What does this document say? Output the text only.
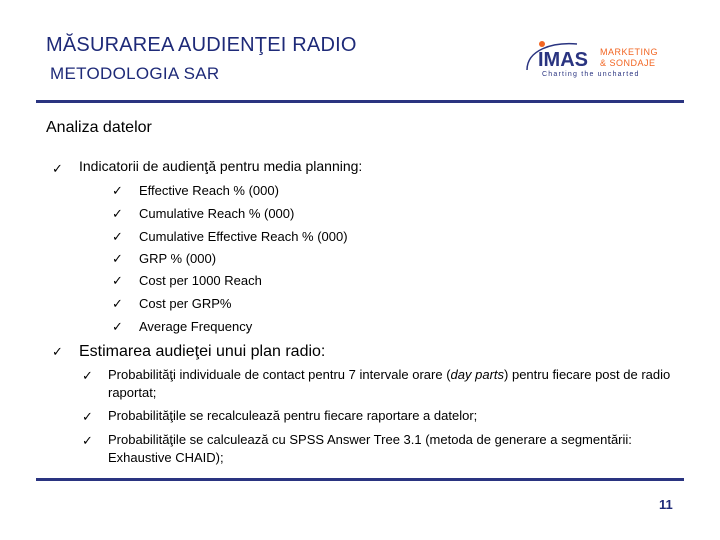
MĂSURAREA AUDIENŢEI RADIO
METODOLOGIA SAR
IMAS MARKETING
& SONDAJE
Charting the uncharted
Analiza datelor
✓ Indicatorii de audienţă pentru media planning:
✓ Effective Reach % (000)
✓ Cumulative Reach % (000)
✓ Cumulative Effective Reach % (000)
✓ GRP % (000)
✓ Cost per 1000 Reach
✓ Cost per GRP%
✓ Average Frequency
✓ Estimarea audieţei unui plan radio:
✓ Probabilităţi individuale de contact pentru 7 intervale orare (day parts) pentru fiecare post de radio raportat;
✓ Probabilităţile se recalculează pentru fiecare raportare a datelor;
✓ Probabilităţile se calculează cu SPSS Answer Tree 3.1 (metoda de generare a segmentării: Exhaustive CHAID);
11
